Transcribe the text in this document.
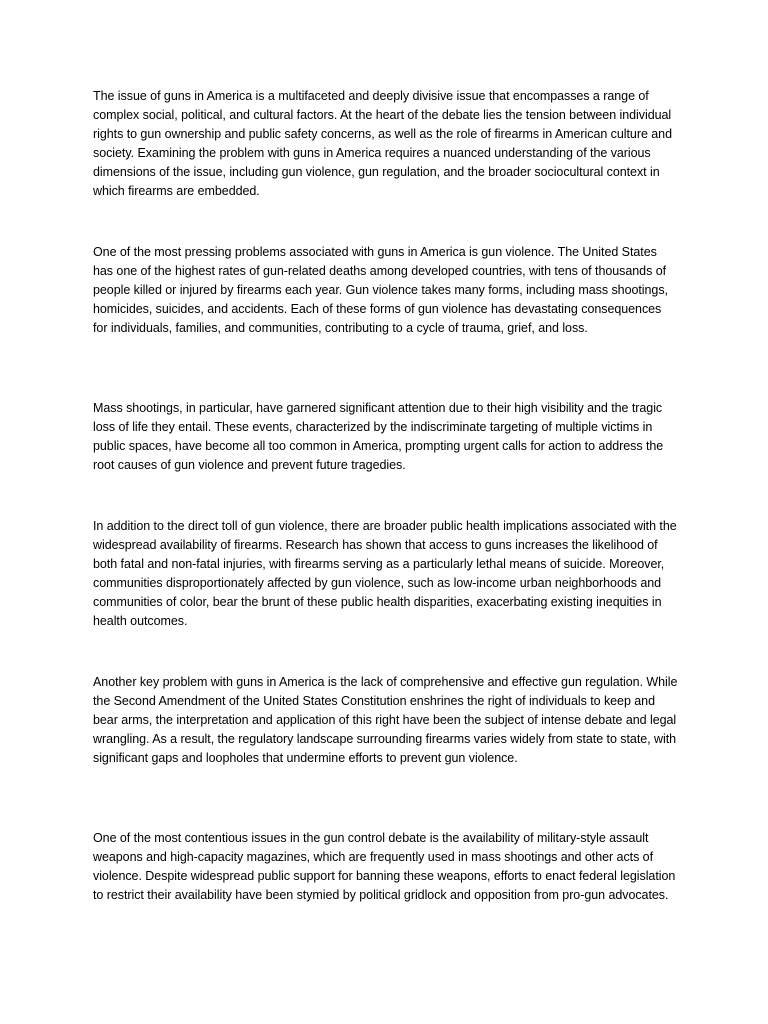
The issue of guns in America is a multifaceted and deeply divisive issue that encompasses a range of complex social, political, and cultural factors. At the heart of the debate lies the tension between individual rights to gun ownership and public safety concerns, as well as the role of firearms in American culture and society. Examining the problem with guns in America requires a nuanced understanding of the various dimensions of the issue, including gun violence, gun regulation, and the broader sociocultural context in which firearms are embedded.

One of the most pressing problems associated with guns in America is gun violence. The United States has one of the highest rates of gun-related deaths among developed countries, with tens of thousands of people killed or injured by firearms each year. Gun violence takes many forms, including mass shootings, homicides, suicides, and accidents. Each of these forms of gun violence has devastating consequences for individuals, families, and communities, contributing to a cycle of trauma, grief, and loss.

Mass shootings, in particular, have garnered significant attention due to their high visibility and the tragic loss of life they entail. These events, characterized by the indiscriminate targeting of multiple victims in public spaces, have become all too common in America, prompting urgent calls for action to address the root causes of gun violence and prevent future tragedies.

In addition to the direct toll of gun violence, there are broader public health implications associated with the widespread availability of firearms. Research has shown that access to guns increases the likelihood of both fatal and non-fatal injuries, with firearms serving as a particularly lethal means of suicide. Moreover, communities disproportionately affected by gun violence, such as low-income urban neighborhoods and communities of color, bear the brunt of these public health disparities, exacerbating existing inequities in health outcomes.

Another key problem with guns in America is the lack of comprehensive and effective gun regulation. While the Second Amendment of the United States Constitution enshrines the right of individuals to keep and bear arms, the interpretation and application of this right have been the subject of intense debate and legal wrangling. As a result, the regulatory landscape surrounding firearms varies widely from state to state, with significant gaps and loopholes that undermine efforts to prevent gun violence.

One of the most contentious issues in the gun control debate is the availability of military-style assault weapons and high-capacity magazines, which are frequently used in mass shootings and other acts of violence. Despite widespread public support for banning these weapons, efforts to enact federal legislation to restrict their availability have been stymied by political gridlock and opposition from pro-gun advocates.
